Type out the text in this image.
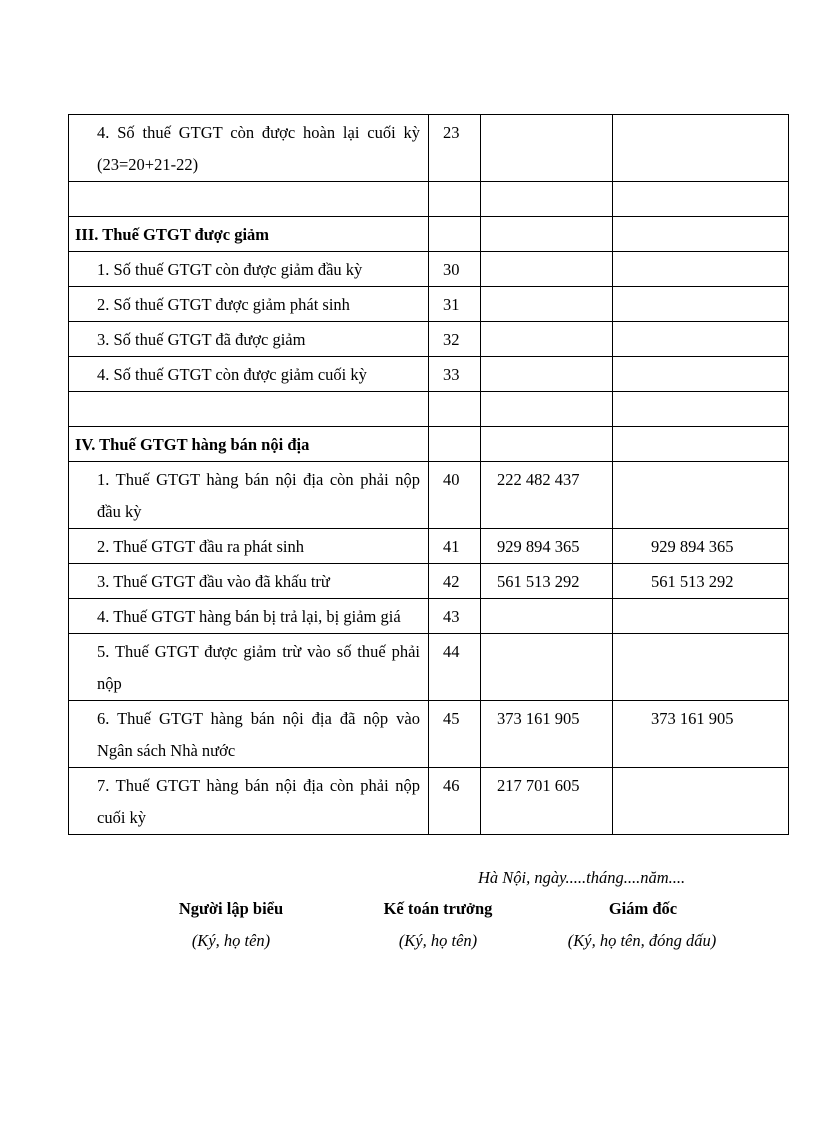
4. Số thuế GTGT còn được hoàn lại cuối kỳ (23=20+21-22)	23		

III. Thuế GTGT được giảm			
1. Số thuế GTGT còn được giảm đầu kỳ	30		
2. Số thuế GTGT được giảm phát sinh	31		
3. Số thuế GTGT đã được giảm	32		
4. Số thuế GTGT còn được giảm cuối kỳ	33		

IV. Thuế GTGT hàng bán nội địa			
1. Thuế GTGT hàng bán nội địa còn phải nộp đầu kỳ	40	222 482 437	
2. Thuế GTGT đầu ra phát sinh	41	929 894 365	929 894 365
3. Thuế GTGT đầu vào đã khấu trừ	42	561 513 292	561 513 292
4. Thuế GTGT hàng bán bị trả lại, bị giảm giá	43		
5. Thuế GTGT được giảm trừ vào số thuế phải nộp	44		
6. Thuế GTGT hàng bán nội địa đã nộp vào Ngân sách Nhà nước	45	373 161 905	373 161 905
7. Thuế GTGT hàng bán nội địa còn phải nộp cuối kỳ	46	217 701 605	
Hà Nội, ngày.....tháng....năm....
Người lập biểu	Kế toán trưởng	Giám đốc
(Ký, họ tên)	(Ký, họ tên)	(Ký, họ tên, đóng dấu)
